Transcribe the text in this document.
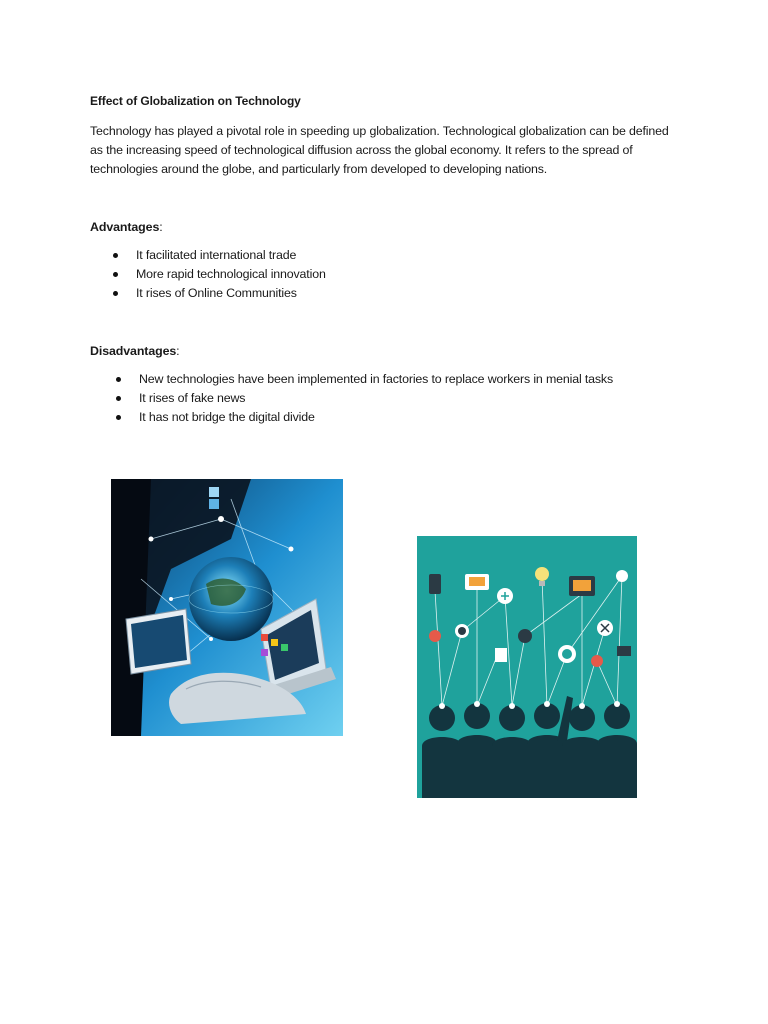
Effect of Globalization on Technology
Technology has played a pivotal role in speeding up globalization. Technological globalization can be defined as the increasing speed of technological diffusion across the global economy. It refers to the spread of technologies around the globe, and particularly from developed to developing nations.
Advantages:
It facilitated international trade
More rapid technological innovation
It rises of Online Communities
Disadvantages:
New technologies have been implemented in factories to replace workers in menial tasks
It rises of fake news
It has not bridge the digital divide
